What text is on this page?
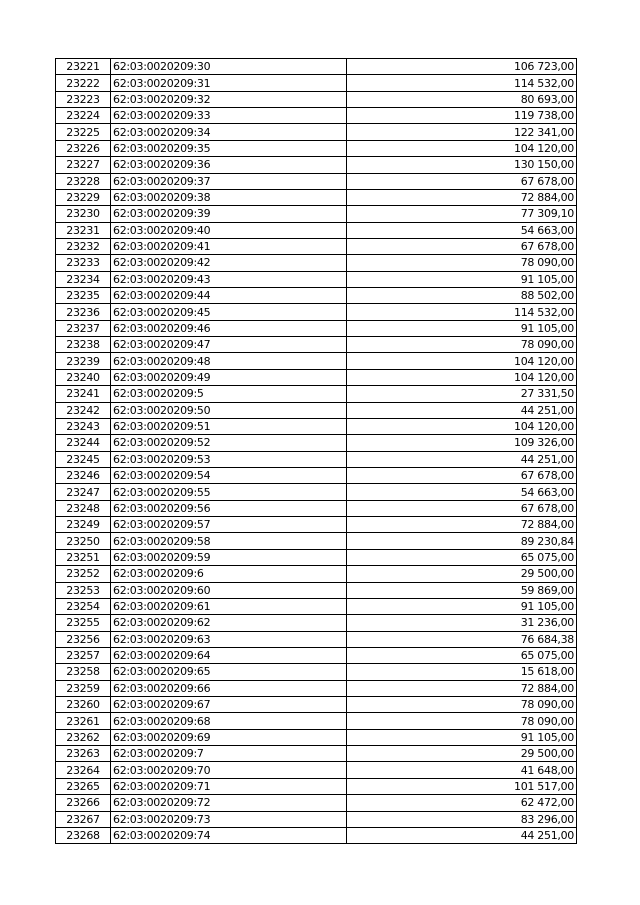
23221	62:03:0020209:30	106 723,00
23222	62:03:0020209:31	114 532,00
23223	62:03:0020209:32	80 693,00
23224	62:03:0020209:33	119 738,00
23225	62:03:0020209:34	122 341,00
23226	62:03:0020209:35	104 120,00
23227	62:03:0020209:36	130 150,00
23228	62:03:0020209:37	67 678,00
23229	62:03:0020209:38	72 884,00
23230	62:03:0020209:39	77 309,10
23231	62:03:0020209:40	54 663,00
23232	62:03:0020209:41	67 678,00
23233	62:03:0020209:42	78 090,00
23234	62:03:0020209:43	91 105,00
23235	62:03:0020209:44	88 502,00
23236	62:03:0020209:45	114 532,00
23237	62:03:0020209:46	91 105,00
23238	62:03:0020209:47	78 090,00
23239	62:03:0020209:48	104 120,00
23240	62:03:0020209:49	104 120,00
23241	62:03:0020209:5	27 331,50
23242	62:03:0020209:50	44 251,00
23243	62:03:0020209:51	104 120,00
23244	62:03:0020209:52	109 326,00
23245	62:03:0020209:53	44 251,00
23246	62:03:0020209:54	67 678,00
23247	62:03:0020209:55	54 663,00
23248	62:03:0020209:56	67 678,00
23249	62:03:0020209:57	72 884,00
23250	62:03:0020209:58	89 230,84
23251	62:03:0020209:59	65 075,00
23252	62:03:0020209:6	29 500,00
23253	62:03:0020209:60	59 869,00
23254	62:03:0020209:61	91 105,00
23255	62:03:0020209:62	31 236,00
23256	62:03:0020209:63	76 684,38
23257	62:03:0020209:64	65 075,00
23258	62:03:0020209:65	15 618,00
23259	62:03:0020209:66	72 884,00
23260	62:03:0020209:67	78 090,00
23261	62:03:0020209:68	78 090,00
23262	62:03:0020209:69	91 105,00
23263	62:03:0020209:7	29 500,00
23264	62:03:0020209:70	41 648,00
23265	62:03:0020209:71	101 517,00
23266	62:03:0020209:72	62 472,00
23267	62:03:0020209:73	83 296,00
23268	62:03:0020209:74	44 251,00
